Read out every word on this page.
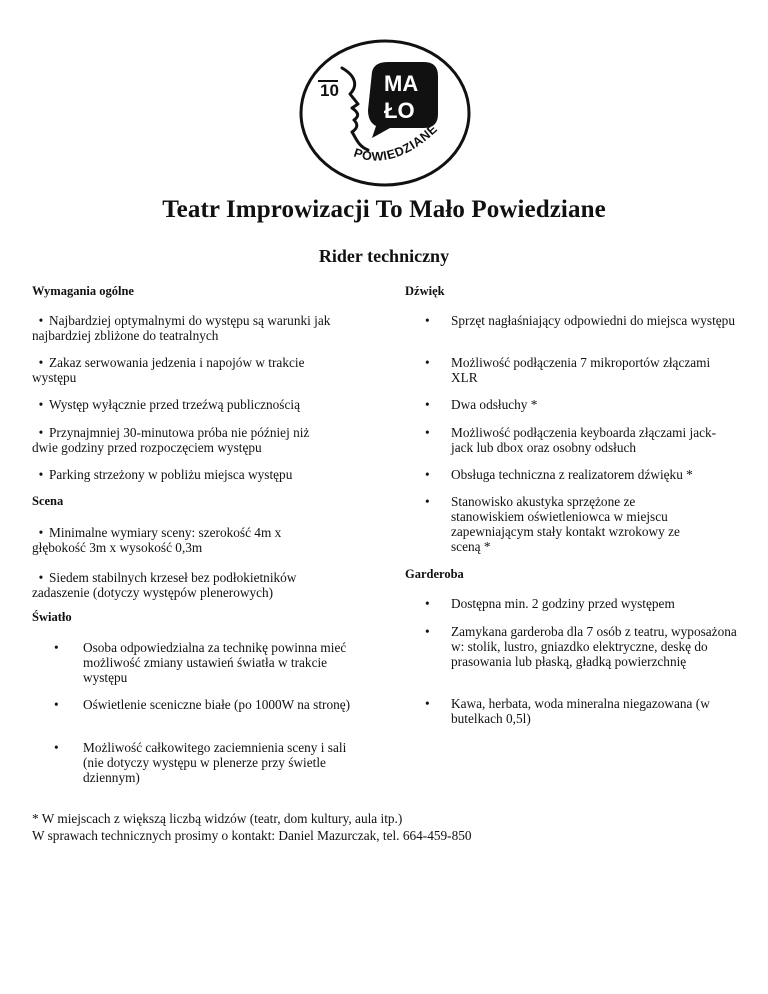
10 MA
ŁO
POWIEDZIANE
Teatr Improwizacji To Mało Powiedziane
Rider techniczny
Wymagania ogólne
• Najbardziej optymalnymi do występu są warunki jak najbardziej zbliżone do teatralnych
• Zakaz serwowania jedzenia i napojów w trakcie występu
• Występ wyłącznie przed trzeźwą publicznością
• Przynajmniej 30-minutowa próba nie później niż dwie godziny przed rozpoczęciem występu
• Parking strzeżony w pobliżu miejsca występu
Scena
• Minimalne wymiary sceny: szerokość 4m x głębokość 3m x wysokość 0,3m
• Siedem stabilnych krzeseł bez podłokietników zadaszenie (dotyczy występów plenerowych)
Światło
•	Osoba odpowiedzialna za technikę powinna mieć możliwość zmiany ustawień światła w trakcie występu
•	Oświetlenie sceniczne białe (po 1000W na stronę)
•	Możliwość całkowitego zaciemnienia sceny i sali (nie dotyczy występu w plenerze przy świetle dziennym)
Dźwięk
•	Sprzęt nagłaśniający odpowiedni do miejsca występu
•	Możliwość podłączenia 7 mikroportów złączami XLR
•	Dwa odsłuchy *
•	Możliwość podłączenia keyboarda złączami jack-jack lub dbox oraz osobny odsłuch
•	Obsługa techniczna z realizatorem dźwięku *
•	Stanowisko akustyka sprzężone ze stanowiskiem oświetleniowca w miejscu zapewniającym stały kontakt wzrokowy ze sceną *
Garderoba
•	Dostępna min. 2 godziny przed występem
•	Zamykana garderoba dla 7 osób z teatru, wyposażona w: stolik, lustro, gniazdko elektryczne, deskę do prasowania lub płaską, gładką powierzchnię
•	Kawa, herbata, woda mineralna niegazowana (w butelkach 0,5l)
* W miejscach z większą liczbą widzów (teatr, dom kultury, aula itp.)
W sprawach technicznych prosimy o kontakt: Daniel Mazurczak, tel. 664-459-850
